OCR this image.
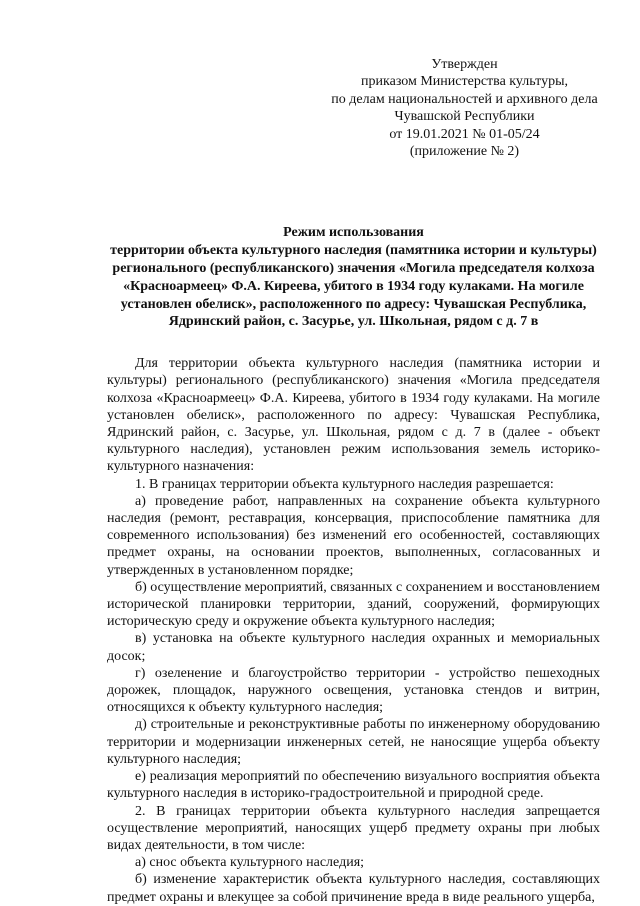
Утвержден
приказом Министерства культуры,
по делам национальностей и архивного дела
Чувашской Республики
от 19.01.2021 № 01-05/24
(приложение № 2)
Режим использования
территории объекта культурного наследия (памятника истории и культуры) регионального (республиканского) значения «Могила председателя колхоза «Красноармеец» Ф.А. Киреева, убитого в 1934 году кулаками. На могиле установлен обелиск», расположенного по адресу: Чувашская Республика, Ядринский район, с. Засурье, ул. Школьная, рядом с д. 7 в

Для территории объекта культурного наследия (памятника истории и культуры) регионального (республиканского) значения «Могила председателя колхоза «Красноармеец» Ф.А. Киреева, убитого в 1934 году кулаками. На могиле установлен обелиск», расположенного по адресу: Чувашская Республика, Ядринский район, с. Засурье, ул. Школьная, рядом с д. 7 в (далее - объект культурного наследия), установлен режим использования земель историко-культурного назначения:

1. В границах территории объекта культурного наследия разрешается:

а) проведение работ, направленных на сохранение объекта культурного наследия (ремонт, реставрация, консервация, приспособление памятника для современного использования) без изменений его особенностей, составляющих предмет охраны, на основании проектов, выполненных, согласованных и утвержденных в установленном порядке;

б) осуществление мероприятий, связанных с сохранением и восстановлением исторической планировки территории, зданий, сооружений, формирующих историческую среду и окружение объекта культурного наследия;

в) установка на объекте культурного наследия охранных и мемориальных досок;

г) озеленение и благоустройство территории - устройство пешеходных дорожек, площадок, наружного освещения, установка стендов и витрин, относящихся к объекту культурного наследия;

д) строительные и реконструктивные работы по инженерному оборудованию территории и модернизации инженерных сетей, не наносящие ущерба объекту культурного наследия;

е) реализация мероприятий по обеспечению визуального восприятия объекта культурного наследия в историко-градостроительной и природной среде.

2. В границах территории объекта культурного наследия запрещается осуществление мероприятий, наносящих ущерб предмету охраны при любых видах деятельности, в том числе:

а) снос объекта культурного наследия;

б) изменение характеристик объекта культурного наследия, составляющих предмет охраны и влекущее за собой причинение вреда в виде реального ущерба,
